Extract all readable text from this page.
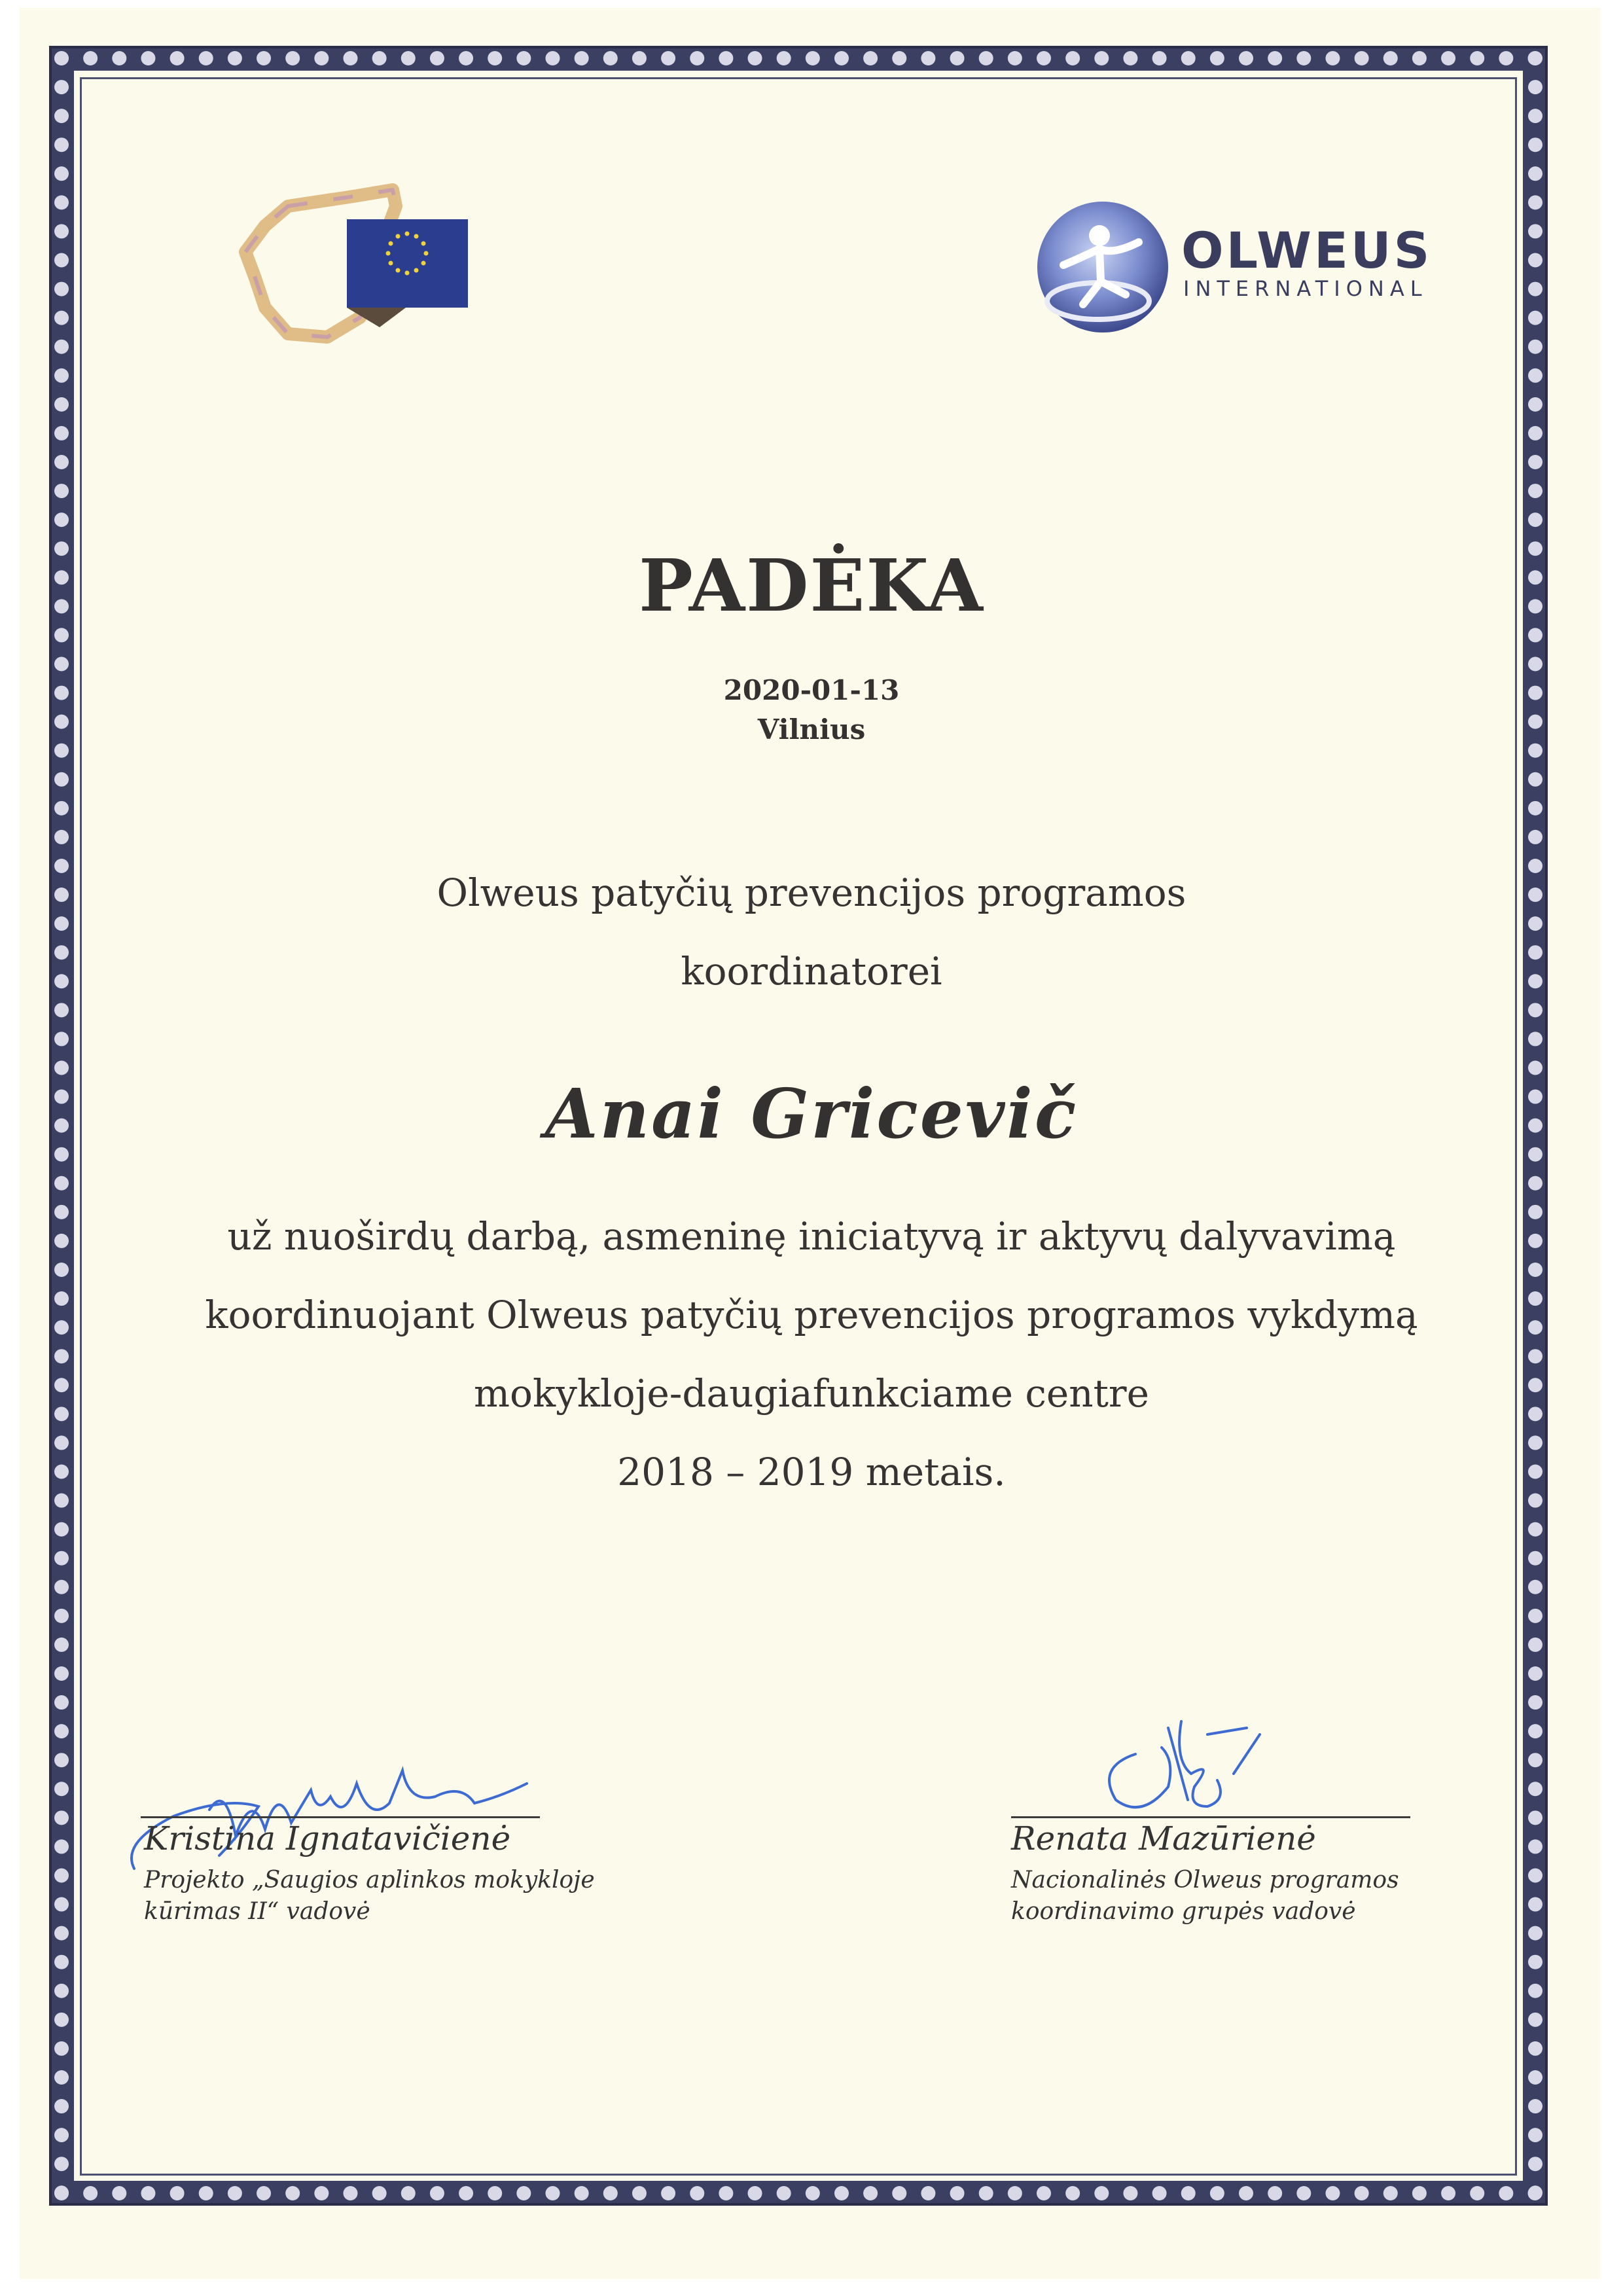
OLWEUS
INTERNATIONAL
PADĖKA
2020-01-13
Vilnius
Olweus patyčių prevencijos programos
koordinatorei
Anai Gricevič
už nuoširdų darbą, asmeninę iniciatyvą ir aktyvų dalyvavimą
koordinuojant Olweus patyčių prevencijos programos vykdymą
mokykloje-daugiafunkciame centre
2018 – 2019 metais.
Kristina Ignatavičienė
Projekto „Saugios aplinkos mokykloje
kūrimas II“ vadovė
Renata Mazūrienė
Nacionalinės Olweus programos
koordinavimo grupės vadovė
